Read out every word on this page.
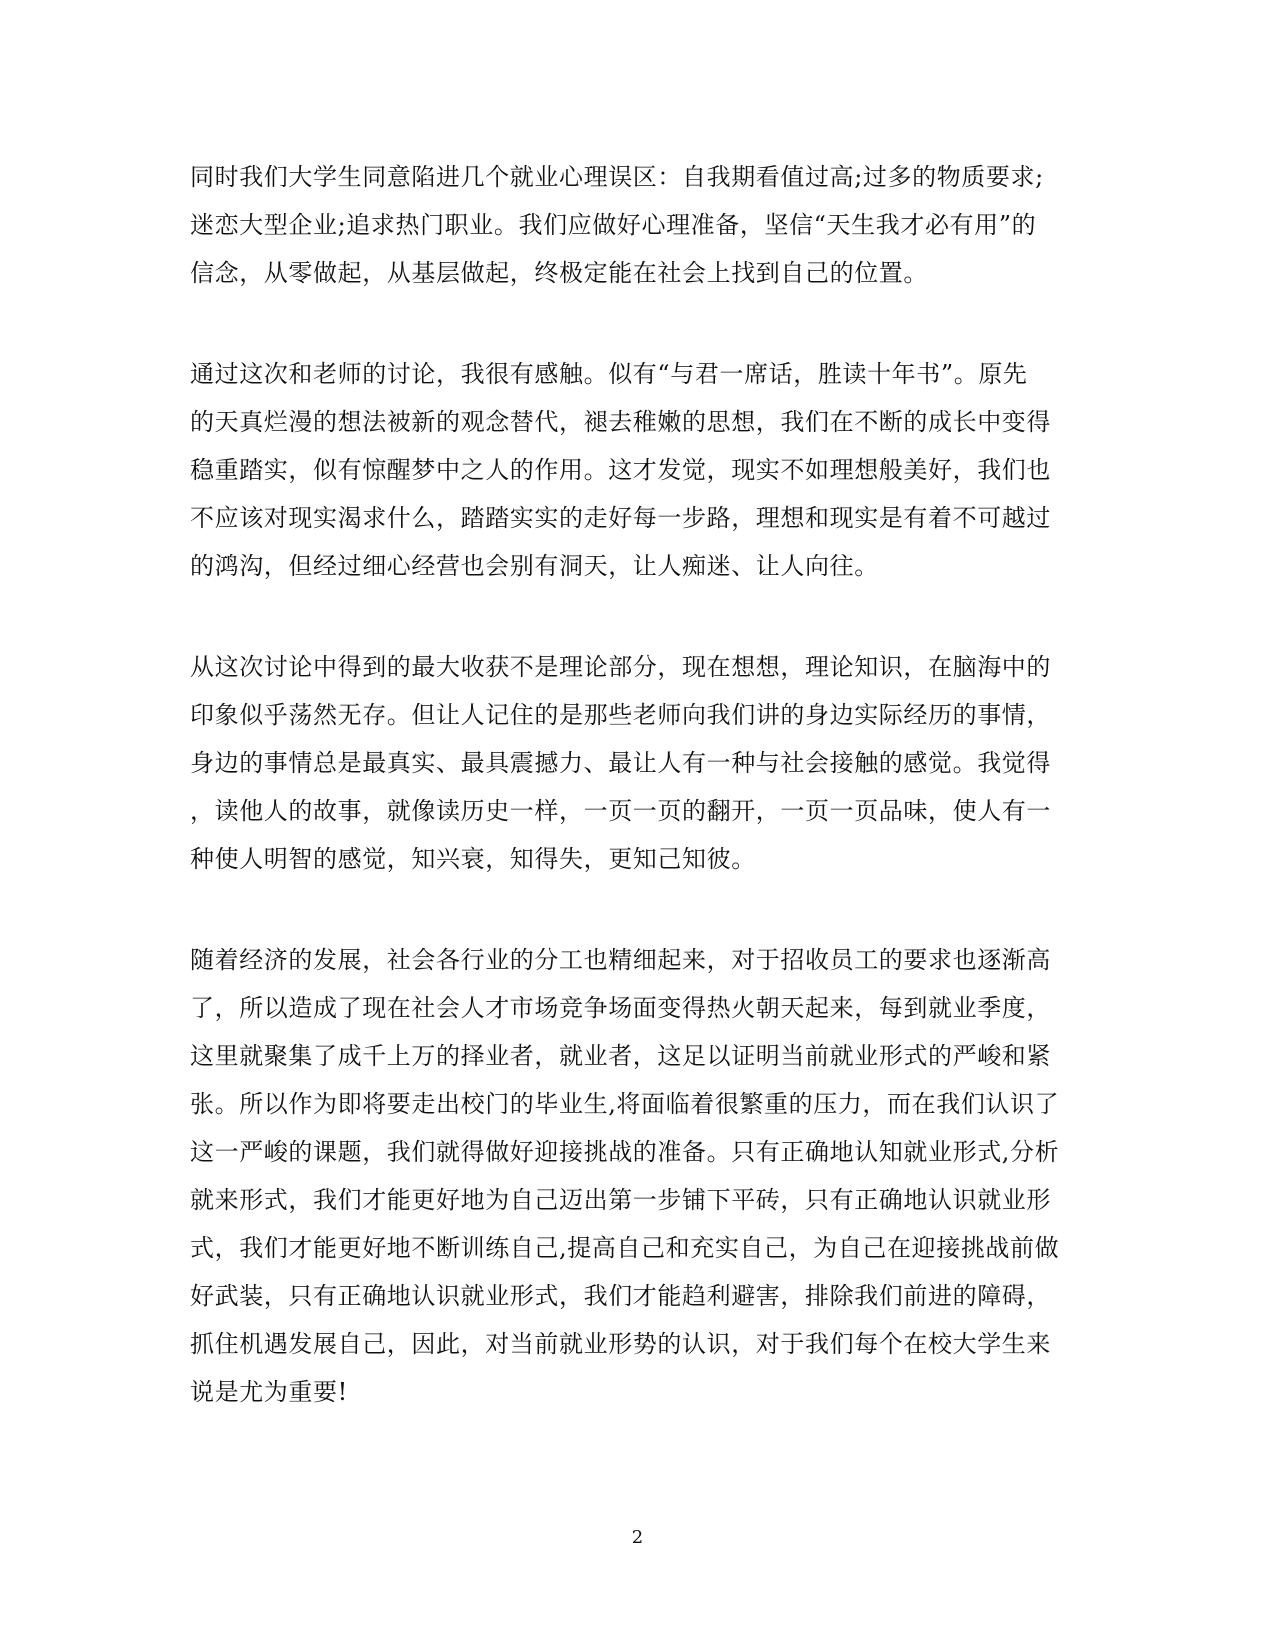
同时我们大学生同意陷进几个就业心理误区：自我期看值过高;过多的物质要求;
迷恋大型企业;追求热门职业。我们应做好心理准备，坚信“天生我才必有用”的
信念，从零做起，从基层做起，终极定能在社会上找到自己的位置。
通过这次和老师的讨论，我很有感触。似有“与君一席话，胜读十年书”。原先
的天真烂漫的想法被新的观念替代，褪去稚嫩的思想，我们在不断的成长中变得
稳重踏实，似有惊醒梦中之人的作用。这才发觉，现实不如理想般美好，我们也
不应该对现实渴求什么，踏踏实实的走好每一步路，理想和现实是有着不可越过
的鸿沟，但经过细心经营也会别有洞天，让人痴迷、让人向往。
从这次讨论中得到的最大收获不是理论部分，现在想想，理论知识，在脑海中的
印象似乎荡然无存。但让人记住的是那些老师向我们讲的身边实际经历的事情，
身边的事情总是最真实、最具震撼力、最让人有一种与社会接触的感觉。我觉得
，读他人的故事，就像读历史一样，一页一页的翻开，一页一页品味，使人有一
种使人明智的感觉，知兴衰，知得失，更知己知彼。
随着经济的发展，社会各行业的分工也精细起来，对于招收员工的要求也逐渐高
了，所以造成了现在社会人才市场竞争场面变得热火朝天起来，每到就业季度，
这里就聚集了成千上万的择业者，就业者，这足以证明当前就业形式的严峻和紧
张。所以作为即将要走出校门的毕业生,将面临着很繁重的压力，而在我们认识了
这一严峻的课题，我们就得做好迎接挑战的准备。只有正确地认知就业形式,分析
就来形式，我们才能更好地为自己迈出第一步铺下平砖，只有正确地认识就业形
式，我们才能更好地不断训练自己,提高自己和充实自己，为自己在迎接挑战前做
好武装，只有正确地认识就业形式，我们才能趋利避害，排除我们前进的障碍，
抓住机遇发展自己，因此，对当前就业形势的认识，对于我们每个在校大学生来
说是尤为重要!
2
